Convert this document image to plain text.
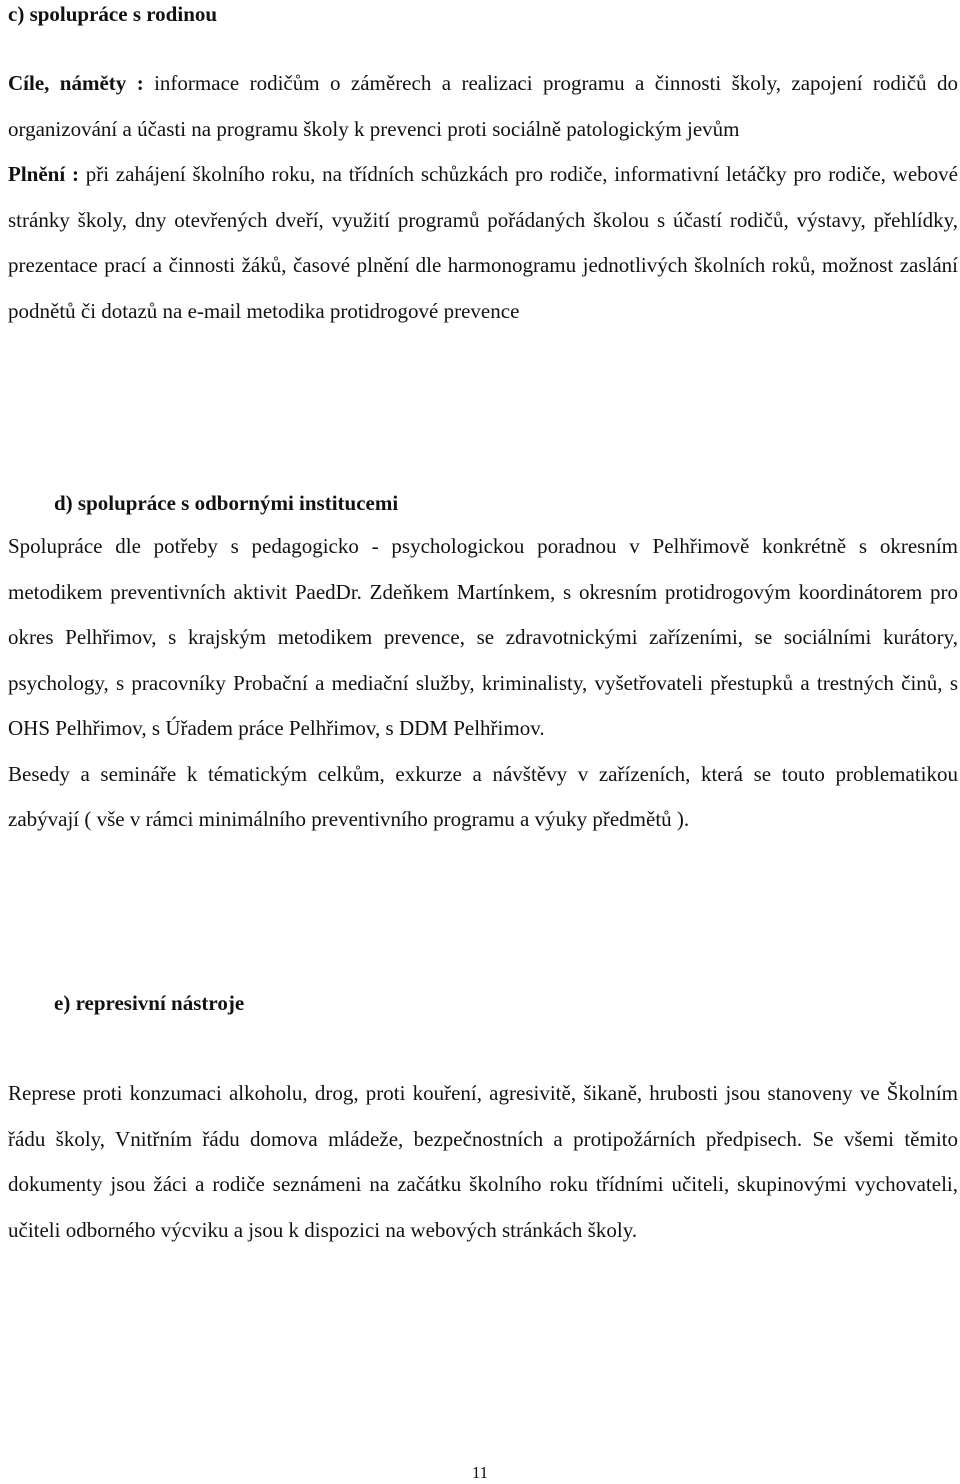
c) spolupráce s rodinou

Cíle, náměty : informace rodičům o záměrech a realizaci programu a činnosti školy, zapojení rodičů do organizování a účasti na programu školy k prevenci proti sociálně patologickým jevům

Plnění : při zahájení školního roku, na třídních schůzkách pro rodiče, informativní letáčky pro rodiče, webové stránky školy, dny otevřených dveří, využití programů pořádaných školou s účastí rodičů, výstavy, přehlídky, prezentace prací a činnosti žáků, časové plnění dle harmonogramu jednotlivých školních roků, možnost zaslání podnětů či dotazů na e-mail metodika protidrogové prevence

d) spolupráce s odbornými institucemi

Spolupráce dle potřeby s pedagogicko - psychologickou poradnou v Pelhřimově konkrétně s okresním metodikem preventivních aktivit PaedDr. Zdeňkem Martínkem, s okresním protidrogovým koordinátorem pro okres Pelhřimov, s krajským metodikem prevence, se zdravotnickými zařízeními, se sociálními kurátory, psychology, s pracovníky Probační a mediační služby, kriminalisty, vyšetřovateli přestupků a trestných činů, s OHS Pelhřimov, s Úřadem práce Pelhřimov, s DDM Pelhřimov.

Besedy a semináře k tématickým celkům, exkurze a návštěvy v zařízeních, která se touto problematikou zabývají ( vše v rámci minimálního preventivního programu a výuky předmětů ).

e) represivní nástroje

Represe proti konzumaci alkoholu, drog, proti kouření, agresivitě, šikaně, hrubosti jsou stanoveny ve Školním řádu školy, Vnitřním řádu domova mládeže, bezpečnostních a protipožárních předpisech. Se všemi těmito dokumenty jsou žáci a rodiče seznámeni na začátku školního roku třídními učiteli, skupinovými vychovateli, učiteli odborného výcviku a jsou k dispozici na webových stránkách školy.

11
